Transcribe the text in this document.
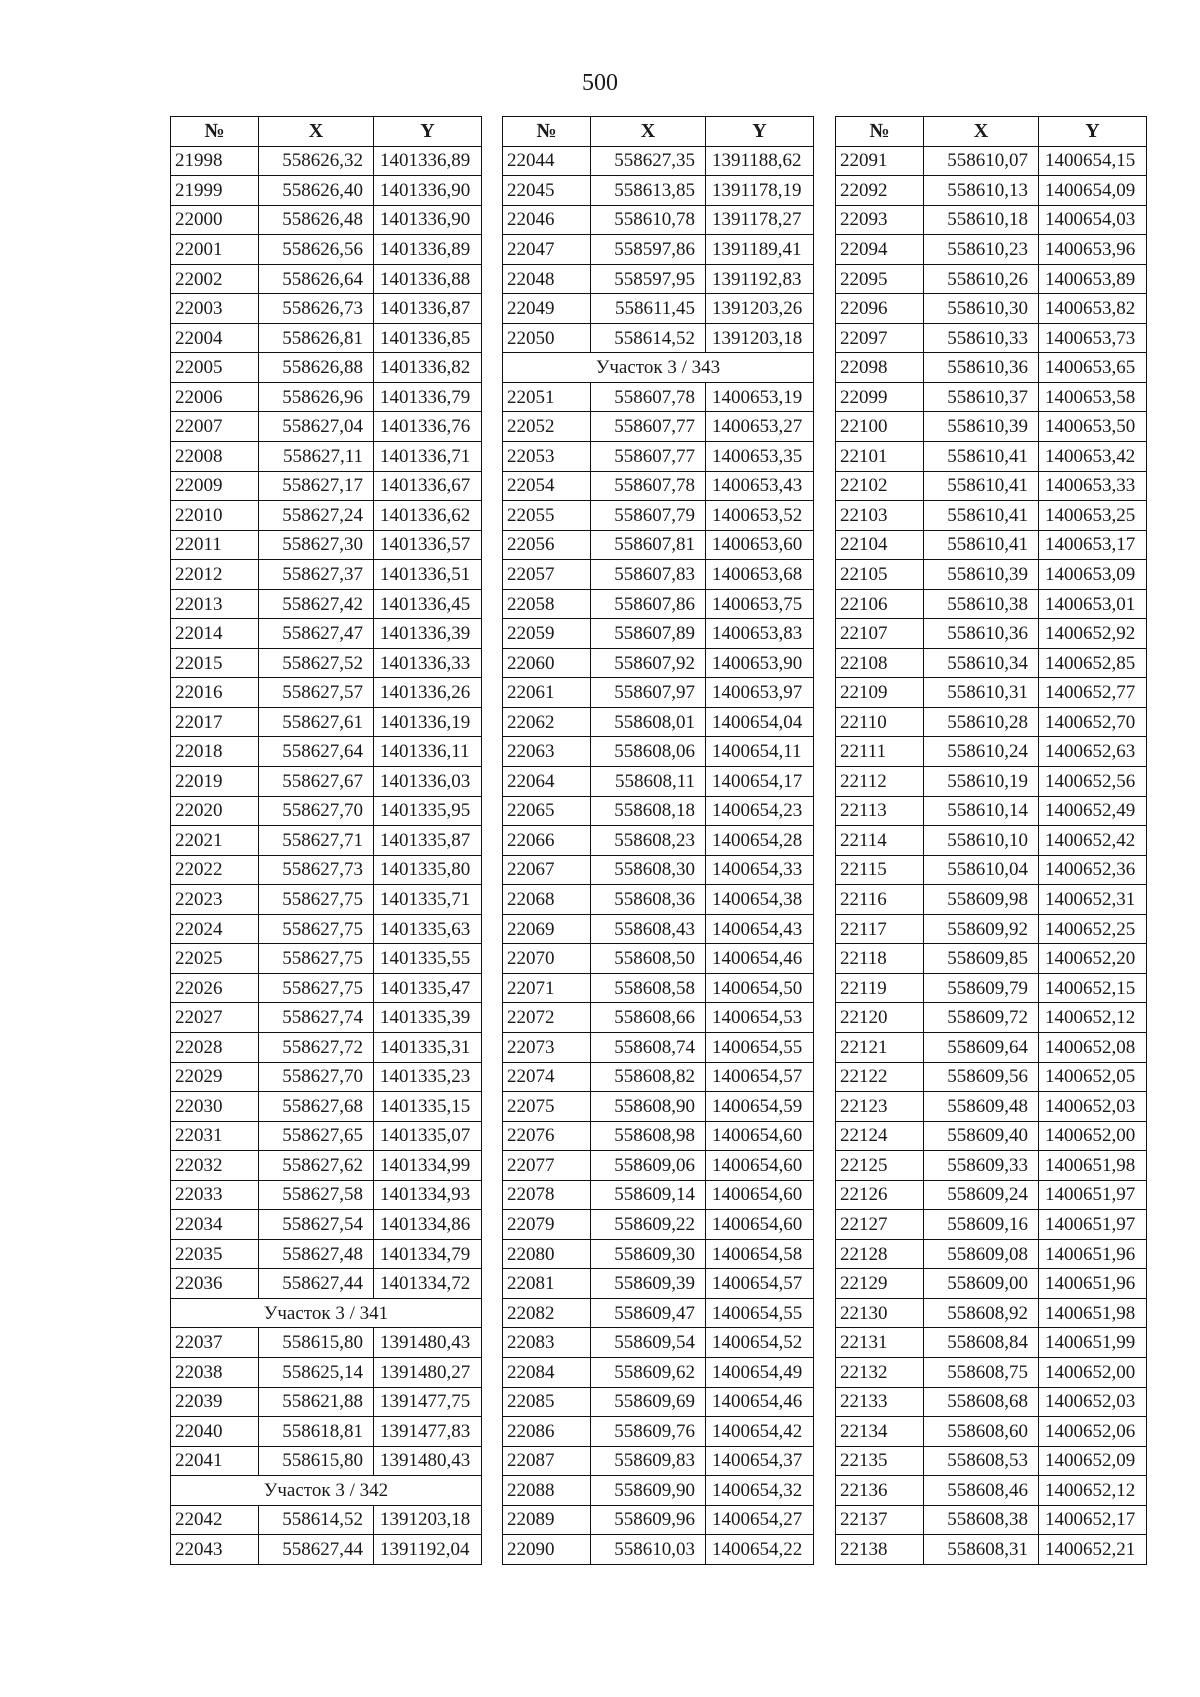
500
№	X	Y
21998	558626,32	1401336,89
21999	558626,40	1401336,90
22000	558626,48	1401336,90
22001	558626,56	1401336,89
22002	558626,64	1401336,88
22003	558626,73	1401336,87
22004	558626,81	1401336,85
22005	558626,88	1401336,82
22006	558626,96	1401336,79
22007	558627,04	1401336,76
22008	558627,11	1401336,71
22009	558627,17	1401336,67
22010	558627,24	1401336,62
22011	558627,30	1401336,57
22012	558627,37	1401336,51
22013	558627,42	1401336,45
22014	558627,47	1401336,39
22015	558627,52	1401336,33
22016	558627,57	1401336,26
22017	558627,61	1401336,19
22018	558627,64	1401336,11
22019	558627,67	1401336,03
22020	558627,70	1401335,95
22021	558627,71	1401335,87
22022	558627,73	1401335,80
22023	558627,75	1401335,71
22024	558627,75	1401335,63
22025	558627,75	1401335,55
22026	558627,75	1401335,47
22027	558627,74	1401335,39
22028	558627,72	1401335,31
22029	558627,70	1401335,23
22030	558627,68	1401335,15
22031	558627,65	1401335,07
22032	558627,62	1401334,99
22033	558627,58	1401334,93
22034	558627,54	1401334,86
22035	558627,48	1401334,79
22036	558627,44	1401334,72
Участок 3 / 341		
22037	558615,80	1391480,43
22038	558625,14	1391480,27
22039	558621,88	1391477,75
22040	558618,81	1391477,83
22041	558615,80	1391480,43
Участок 3 / 342		
22042	558614,52	1391203,18
22043	558627,44	1391192,04
№	X	Y
22044	558627,35	1391188,62
22045	558613,85	1391178,19
22046	558610,78	1391178,27
22047	558597,86	1391189,41
22048	558597,95	1391192,83
22049	558611,45	1391203,26
22050	558614,52	1391203,18
Участок 3 / 343		
22051	558607,78	1400653,19
22052	558607,77	1400653,27
22053	558607,77	1400653,35
22054	558607,78	1400653,43
22055	558607,79	1400653,52
22056	558607,81	1400653,60
22057	558607,83	1400653,68
22058	558607,86	1400653,75
22059	558607,89	1400653,83
22060	558607,92	1400653,90
22061	558607,97	1400653,97
22062	558608,01	1400654,04
22063	558608,06	1400654,11
22064	558608,11	1400654,17
22065	558608,18	1400654,23
22066	558608,23	1400654,28
22067	558608,30	1400654,33
22068	558608,36	1400654,38
22069	558608,43	1400654,43
22070	558608,50	1400654,46
22071	558608,58	1400654,50
22072	558608,66	1400654,53
22073	558608,74	1400654,55
22074	558608,82	1400654,57
22075	558608,90	1400654,59
22076	558608,98	1400654,60
22077	558609,06	1400654,60
22078	558609,14	1400654,60
22079	558609,22	1400654,60
22080	558609,30	1400654,58
22081	558609,39	1400654,57
22082	558609,47	1400654,55
22083	558609,54	1400654,52
22084	558609,62	1400654,49
22085	558609,69	1400654,46
22086	558609,76	1400654,42
22087	558609,83	1400654,37
22088	558609,90	1400654,32
22089	558609,96	1400654,27
22090	558610,03	1400654,22
№	X	Y
22091	558610,07	1400654,15
22092	558610,13	1400654,09
22093	558610,18	1400654,03
22094	558610,23	1400653,96
22095	558610,26	1400653,89
22096	558610,30	1400653,82
22097	558610,33	1400653,73
22098	558610,36	1400653,65
22099	558610,37	1400653,58
22100	558610,39	1400653,50
22101	558610,41	1400653,42
22102	558610,41	1400653,33
22103	558610,41	1400653,25
22104	558610,41	1400653,17
22105	558610,39	1400653,09
22106	558610,38	1400653,01
22107	558610,36	1400652,92
22108	558610,34	1400652,85
22109	558610,31	1400652,77
22110	558610,28	1400652,70
22111	558610,24	1400652,63
22112	558610,19	1400652,56
22113	558610,14	1400652,49
22114	558610,10	1400652,42
22115	558610,04	1400652,36
22116	558609,98	1400652,31
22117	558609,92	1400652,25
22118	558609,85	1400652,20
22119	558609,79	1400652,15
22120	558609,72	1400652,12
22121	558609,64	1400652,08
22122	558609,56	1400652,05
22123	558609,48	1400652,03
22124	558609,40	1400652,00
22125	558609,33	1400651,98
22126	558609,24	1400651,97
22127	558609,16	1400651,97
22128	558609,08	1400651,96
22129	558609,00	1400651,96
22130	558608,92	1400651,98
22131	558608,84	1400651,99
22132	558608,75	1400652,00
22133	558608,68	1400652,03
22134	558608,60	1400652,06
22135	558608,53	1400652,09
22136	558608,46	1400652,12
22137	558608,38	1400652,17
22138	558608,31	1400652,21
